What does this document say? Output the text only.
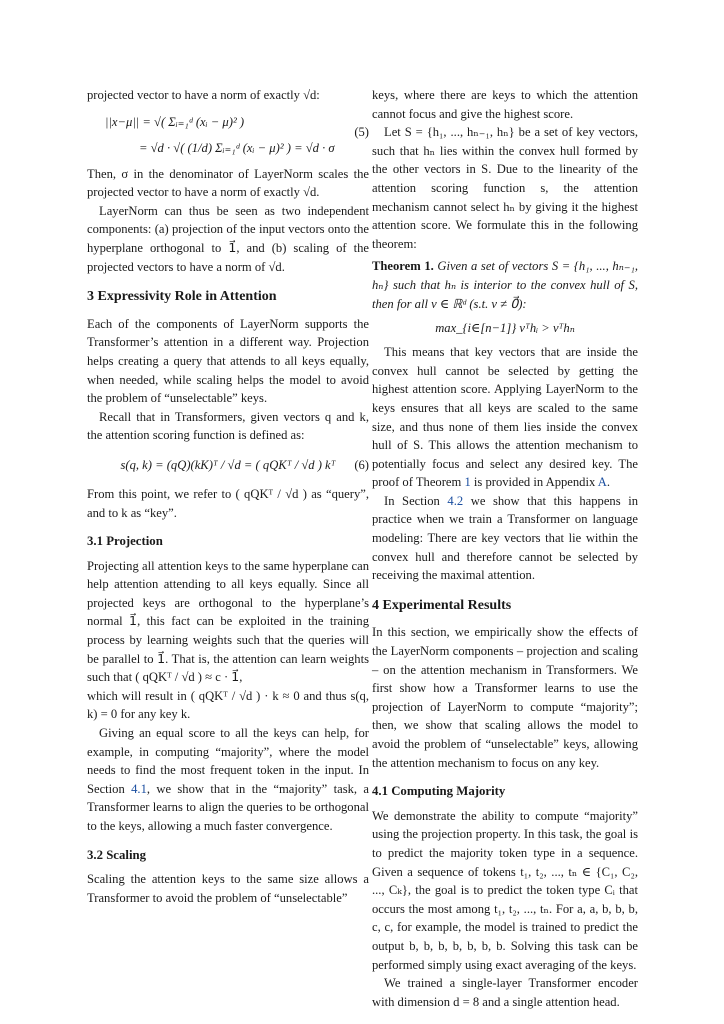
projected vector to have a norm of exactly √d:

||x−μ|| = √( Σᵢ₌₁ᵈ (xᵢ − μ)² )
= √d · √( (1/d) Σᵢ₌₁ᵈ (xᵢ − μ)² ) = √d · σ
(5)

Then, σ in the denominator of LayerNorm scales the projected vector to have a norm of exactly √d.

LayerNorm can thus be seen as two independent components: (a) projection of the input vectors onto the hyperplane orthogonal to 1⃗, and (b) scaling of the projected vectors to have a norm of √d.

3 Expressivity Role in Attention

Each of the components of LayerNorm supports the Transformer’s attention in a different way. Projection helps creating a query that attends to all keys equally, when needed, while scaling helps the model to avoid the problem of “unselectable” keys.

Recall that in Transformers, given vectors q and k, the attention scoring function is defined as:

s(q, k) = (qQ)(kK)ᵀ / √d = ( qQKᵀ / √d ) kᵀ (6)

From this point, we refer to ( qQKᵀ / √d ) as “query”, and to k as “key”.

3.1 Projection

Projecting all attention keys to the same hyperplane can help attention attending to all keys equally. Since all projected keys are orthogonal to the hyperplane’s normal 1⃗, this fact can be exploited in the training process by learning weights such that the queries will be parallel to 1⃗. That is, the attention can learn weights such that ( qQKᵀ / √d ) ≈ c · 1⃗,

which will result in ( qQKᵀ / √d ) · k ≈ 0 and thus s(q, k) = 0 for any key k.

Giving an equal score to all the keys can help, for example, in computing “majority”, where the model needs to find the most frequent token in the input. In Section 4.1, we show that in the “majority” task, a Transformer learns to align the queries to be orthogonal to the keys, allowing a much faster convergence.

3.2 Scaling

Scaling the attention keys to the same size allows a Transformer to avoid the problem of “unselectable”

keys, where there are keys to which the attention cannot focus and give the highest score.

Let S = {h₁, ..., hₙ₋₁, hₙ} be a set of key vectors, such that hₙ lies within the convex hull formed by the other vectors in S. Due to the linearity of the attention scoring function s, the attention mechanism cannot select hₙ by giving it the highest attention score. We formulate this in the following theorem:

Theorem 1. Given a set of vectors S = {h₁, ..., hₙ₋₁, hₙ} such that hₙ is interior to the convex hull of S, then for all v ∈ ℝᵈ (s.t. v ≠ 0⃗):

max_{i∈[n−1]} vᵀhᵢ > vᵀhₙ

This means that key vectors that are inside the convex hull cannot be selected by getting the highest attention score. Applying LayerNorm to the keys ensures that all keys are scaled to the same size, and thus none of them lies inside the convex hull of S. This allows the attention mechanism to potentially focus and select any desired key. The proof of Theorem 1 is provided in Appendix A.

In Section 4.2 we show that this happens in practice when we train a Transformer on language modeling: There are key vectors that lie within the convex hull and therefore cannot be selected by receiving the maximal attention.

4 Experimental Results

In this section, we empirically show the effects of the LayerNorm components – projection and scaling – on the attention mechanism in Transformers. We first show how a Transformer learns to use the projection of LayerNorm to compute “majority”; then, we show that scaling allows the model to avoid the problem of “unselectable” keys, allowing the attention mechanism to focus on any key.

4.1 Computing Majority

We demonstrate the ability to compute “majority” using the projection property. In this task, the goal is to predict the majority token type in a sequence. Given a sequence of tokens t₁, t₂, ..., tₙ ∈ {C₁, C₂, ..., Cₖ}, the goal is to predict the token type Cᵢ that occurs the most among t₁, t₂, ..., tₙ. For a, a, b, b, b, c, c, for example, the model is trained to predict the output b, b, b, b, b, b, b. Solving this task can be performed simply using exact averaging of the keys.

We trained a single-layer Transformer encoder with dimension d = 8 and a single attention head.
